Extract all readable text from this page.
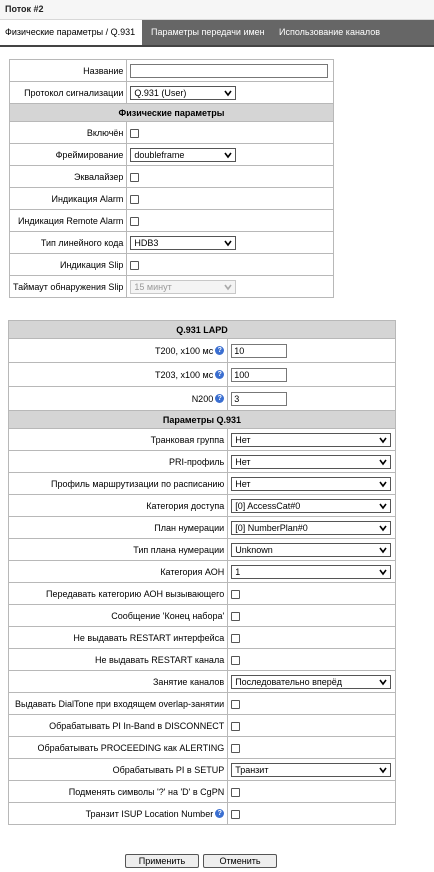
Поток #2
Физические параметры / Q.931	Параметры передачи имен	Использование каналов
Название	
Протокол сигнализации	Q.931 (User)

Физические параметры	
Включён	
Фреймирование	doubleframe

Эквалайзер	
Индикация Alarm	
Индикация Remote Alarm	
Тип линейного кода	HDB3

Индикация Slip	
Таймаут обнаружения Slip	15 минут
Q.931 LAPD	
T200, x100 мс ?	10
T203, x100 мс ?	100
N200 ?	3
Параметры Q.931	
Транковая группа	Нет

PRI-профиль	Нет

Профиль маршрутизации по расписанию	Нет

Категория доступа	[0] AccessCat#0

План нумерации	[0] NumberPlan#0

Тип плана нумерации	Unknown

Категория АОН	1

Передавать категорию АОН вызывающего	
Сообщение 'Конец набора'	
Не выдавать RESTART интерфейса	
Не выдавать RESTART канала	
Занятие каналов	Последовательно вперёд

Выдавать DialTone при входящем overlap-занятии	
Обрабатывать PI In-Band в DISCONNECT	
Обрабатывать PROCEEDING как ALERTING	
Обрабатывать PI в SETUP	Транзит

Подменять символы '?' на 'D' в CgPN	
Транзит ISUP Location Number ?	
Применить	Отменить
